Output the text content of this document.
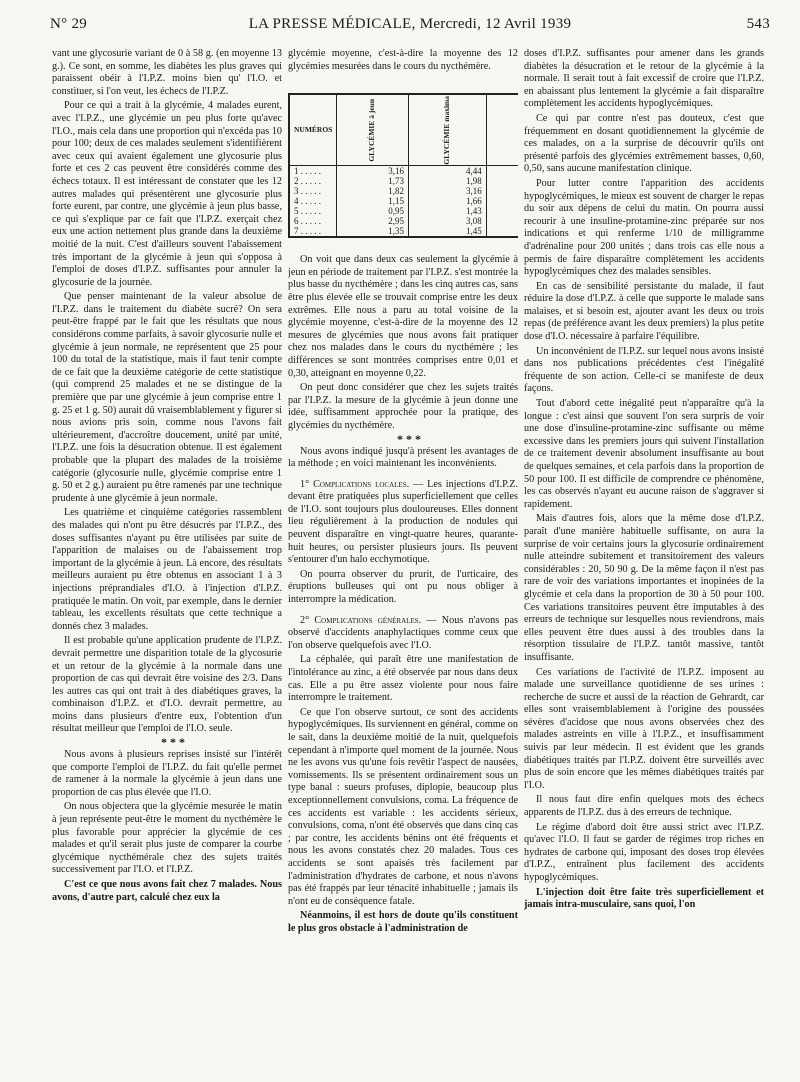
N° 29	LA PRESSE MÉDICALE, Mercredi, 12 Avril 1939	543

vant une glycosurie variant de 0 à 58 g. (en moyenne 13 g.). Ce sont, en somme, les diabètes les plus graves qui paraissent obéir à l'I.P.Z. moins bien qu' l'I.O. et constituer, si l'on veut, les échecs de l'I.P.Z.

Pour ce qui a trait à la glycémie, 4 malades eurent, avec l'I.P.Z., une glycémie un peu plus forte qu'avec l'I.O., mais cela dans une proportion qui n'excéda pas 10 pour 100; deux de ces malades seulement s'identifièrent avec ceux qui avaient également une glycosurie plus forte et ces 2 cas peuvent être considérés comme des échecs totaux. Il est intéressant de constater que les 12 autres malades qui présentèrent une glycosurie plus forte eurent, par contre, une glycémie à jeun plus basse, ce qui s'explique par ce fait que l'I.P.Z. exerçait chez eux une action nettement plus grande dans la deuxième moitié de la nuit. C'est d'ailleurs souvent l'abaissement très important de la glycémie à jeun qui s'opposa à l'emploi de doses d'I.P.Z. suffisantes pour annuler la glycosurie de la journée.

Que penser maintenant de la valeur absolue de l'I.P.Z. dans le traitement du diabète sucré? On sera peut-être frappé par le fait que les résultats que nous considérons comme parfaits, à savoir glycosurie nulle et glycémie à jeun normale, ne représentent que 25 pour 100 du total de la statistique, mais il faut tenir compte de ce fait que la deuxième catégorie de cette statistique (qui comprend 25 malades et ne se distingue de la première que par une glycémie à jeun comprise entre 1 g. 25 et 1 g. 50) aurait dû vraisemblablement y figurer si nous avions pris soin, comme nous l'avons fait ultérieurement, d'accroître doucement, unité par unité, l'I.P.Z. une fois la désucration obtenue. Il est également probable que la plupart des malades de la troisième catégorie (glycosurie nulle, glycémie comprise entre 1 g. 50 et 2 g.) auraient pu être ramenés par une technique prudente à une glycémie à jeun normale.

Les quatrième et cinquième catégories rassemblent des malades qui n'ont pu être désucrés par l'I.P.Z., des doses suffisantes n'ayant pu être utilisées par suite de l'apparition de malaises ou de l'abaissement trop important de la glycémie à jeun. Là encore, des résultats meilleurs auraient pu être obtenus en associant 1 à 3 injections préprandiales d'I.O. à l'injection d'I.P.Z. pratiquée le matin. On voit, par exemple, dans le dernier tableau, les excellents résultats que cette technique a donnés chez 3 malades.

Il est probable qu'une application prudente de l'I.P.Z. devrait permettre une disparition totale de la glycosurie et un retour de la glycémie à la normale dans une proportion de cas qui devrait être voisine des 2/3. Dans les autres cas qui ont trait à des diabétiques graves, la combinaison d'I.P.Z. et d'I.O. devrait permettre, au moins dans plusieurs d'entre eux, l'obtention d'un résultat meilleur que l'emploi de l'I.O. seule.

* * *

Nous avons à plusieurs reprises insisté sur l'intérêt que comporte l'emploi de l'I.P.Z. du fait qu'elle permet de ramener à la normale la glycémie à jeun dans une proportion de cas plus élevée que l'I.O.

On nous objectera que la glycémie mesurée le matin à jeun représente peut-être le moment du nycthémère le plus favorable pour apprécier la glycémie de ces malades et qu'il serait plus juste de comparer la courbe glycémique nycthémérale chez des sujets traités successivement par l'I.O. et l'I.P.Z.

C'est ce que nous avons fait chez 7 malades. Nous avons, d'autre part, calculé chez eux la

glycémie moyenne, c'est-à-dire la moyenne des 12 glycémies mesurées dans le cours du nycthémère.

NUMÉROS	GLYCÉMIE à jeun	GLYCÉMIE maxima		
1 . . . . .	3,16	4,44		
2 . . . . .	1,73	1,98		
3 . . . . .	1,82	3,16		
4 . . . . .	1,15	1,66		
5 . . . . .	0,95	1,43		
6 . . . . .	2,95	3,08		
7 . . . . .	1,35	1,45		

On voit que dans deux cas seulement la glycémie à jeun en période de traitement par l'I.P.Z. s'est montrée la plus basse du nycthémère ; dans les cinq autres cas, sans être plus élevée elle se trouvait comprise entre les deux extrêmes. Elle nous a paru au total voisine de la glycémie moyenne, c'est-à-dire de la moyenne des 12 mesures de glycémies que nous avons fait pratiquer chez nos malades dans le cours du nycthémère ; les différences se sont montrées comprises entre 0,01 et 0,30, atteignant en moyenne 0,22.

On peut donc considérer que chez les sujets traités par l'I.P.Z. la mesure de la glycémie à jeun donne une idée, suffisamment approchée pour la pratique, des glycémies du nycthémère.

* * *

Nous avons indiqué jusqu'à présent les avantages de la méthode ; en voici maintenant les inconvénients.

1° Complications locales. — Les injections d'I.P.Z. devant être pratiquées plus superficiellement que celles de l'I.O. sont toujours plus douloureuses. Elles donnent lieu régulièrement à la production de nodules qui peuvent disparaître en vingt-quatre heures, quarante-huit heures, ou persister plusieurs jours. Ils peuvent s'entourer d'un halo ecchymotique.

On pourra observer du prurit, de l'urticaire, des éruptions bulleuses qui ont pu nous obliger à interrompre la médication.

2° Complications générales. — Nous n'avons pas observé d'accidents anaphylactiques comme ceux que l'on observe quelquefois avec l'I.O.

La céphalée, qui paraît être une manifestation de l'intolérance au zinc, a été observée par nous dans deux cas. Elle a pu être assez violente pour nous faire interrompre le traitement.

Ce que l'on observe surtout, ce sont des accidents hypoglycémiques. Ils surviennent en général, comme on le sait, dans la deuxième moitié de la nuit, quelquefois cependant à n'importe quel moment de la journée. Nous ne les avons vus qu'une fois revêtir l'aspect de nausées, vomissements. Ils se présentent ordinairement sous un type banal : sueurs profuses, diplopie, beaucoup plus exceptionnellement convulsions, coma. La fréquence de ces accidents est variable : les accidents sérieux, convulsions, coma, n'ont été observés que dans cinq cas ; par contre, les accidents bénins ont été fréquents et nous les avons constatés chez 20 malades. Tous ces accidents se sont apaisés très facilement par l'administration d'hydrates de carbone, et nous n'avons pas été frappés par leur ténacité inhabituelle ; jamais ils n'ont eu de conséquence fatale.

Néanmoins, il est hors de doute qu'ils constituent le plus gros obstacle à l'administration de

doses d'I.P.Z. suffisantes pour amener dans les grands diabètes la désucration et le retour de la glycémie à la normale. Il serait tout à fait excessif de croire que l'I.P.Z. en abaissant plus lentement la glycémie a fait disparaître complètement les accidents hypoglycémiques.

Ce qui par contre n'est pas douteux, c'est que fréquemment en dosant quotidiennement la glycémie de ces malades, on a la surprise de découvrir qu'ils ont présenté parfois des glycémies extrêmement basses, 0,60, 0,50, sans aucune manifestation clinique.

Pour lutter contre l'apparition des accidents hypoglycémiques, le mieux est souvent de charger le repas du soir aux dépens de celui du matin. On pourra aussi recourir à une insuline-protamine-zinc préparée sur nos indications et qui renferme 1/10 de milligramme d'adrénaline pour 200 unités ; dans trois cas elle nous a permis de faire disparaître complètement les accidents hypoglycémiques chez des malades sensibles.

En cas de sensibilité persistante du malade, il faut réduire la dose d'I.P.Z. à celle que supporte le malade sans malaises, et si besoin est, ajouter avant les deux ou trois repas (de préférence avant les deux premiers) la plus petite dose d'I.O. nécessaire à parfaire l'équilibre.

Un inconvénient de l'I.P.Z. sur lequel nous avons insisté dans nos publications précédentes c'est l'inégalité fréquente de son action. Celle-ci se manifeste de deux façons.

Tout d'abord cette inégalité peut n'apparaître qu'à la longue : c'est ainsi que souvent l'on sera surpris de voir une dose d'insuline-protamine-zinc suffisante ou même excessive dans les premiers jours qui suivent l'installation de ce traitement devenir absolument insuffisante au bout de quelques semaines, et cela parfois dans la proportion de 50 pour 100. Il est difficile de comprendre ce phénomène, les cas observés n'ayant eu aucune raison de s'aggraver si rapidement.

Mais d'autres fois, alors que la même dose d'I.P.Z. paraît d'une manière habituelle suffisante, on aura la surprise de voir certains jours la glycosurie ordinairement nulle atteindre subitement et transitoirement des valeurs considérables : 20, 50 90 g. De la même façon il n'est pas rare de voir des variations importantes et inopinées de la glycémie et cela dans la proportion de 30 à 50 pour 100. Ces variations transitoires peuvent être imputables à des erreurs de technique sur lesquelles nous reviendrons, mais elles peuvent être dues aussi à des troubles dans la résorption tissulaire de l'I.P.Z. tantôt massive, tantôt insuffisante.

Ces variations de l'activité de l'I.P.Z. imposent au malade une surveillance quotidienne de ses urines : recherche de sucre et aussi de la réaction de Gehrardt, car elles sont vraisemblablement à l'origine des poussées sévères d'acidose que nous avons observées chez des malades astreints en ville à l'I.P.Z., et insuffisamment suivis par leur médecin. Il est évident que les grands diabétiques traités par l'I.P.Z. doivent être surveillés avec plus de soin encore que les mêmes diabétiques traités par l'I.O.

Il nous faut dire enfin quelques mots des échecs apparents de l'I.P.Z. dus à des erreurs de technique.

Le régime d'abord doit être aussi strict avec l'I.P.Z. qu'avec l'I.O. Il faut se garder de régimes trop riches en hydrates de carbone qui, imposant des doses trop élevées d'I.P.Z., entraînent plus facilement des accidents hypoglycémiques.

L'injection doit être faite très superficiellement et jamais intra-musculaire, sans quoi, l'on
